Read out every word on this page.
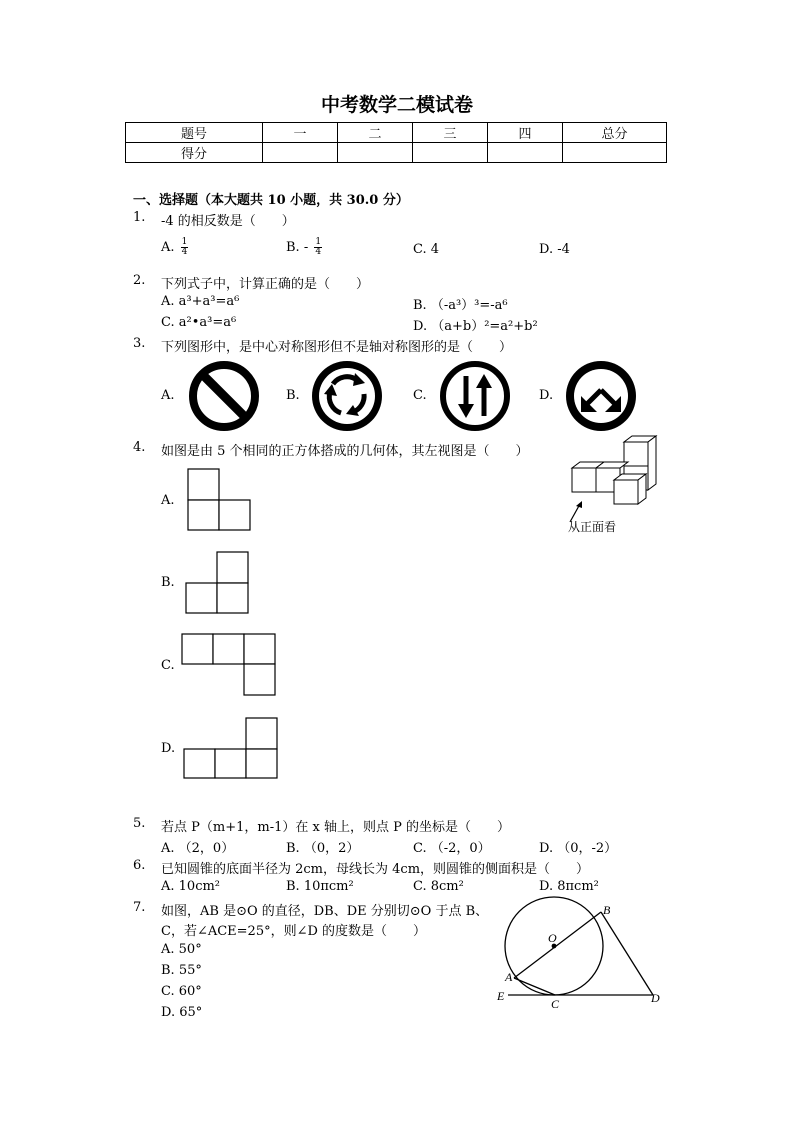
中考数学二模试卷
题号	一	二	三	四	总分
得分					
一、选择题（本大题共 10 小题，共 30.0 分）
1. -4 的相反数是（　　）
A. $\frac{1}{4}$	B. - $\frac{1}{4}$	C. 4	D. -4
2. 下列式子中，计算正确的是（　　）
A. a³+a³=a⁶	B. （-a³）³=-a⁶
C. a²•a³=a⁶	D. （a+b）²=a²+b²
3. 下列图形中，是中心对称图形但不是轴对称图形的是（　　）
A.	B.	C.	D.
4. 如图是由 5 个相同的正方体搭成的几何体，其左视图是（　　）
从正面看
A.
B.
C.
D.
5. 若点 P（m+1，m-1）在 x 轴上，则点 P 的坐标是（　　）
A. （2，0）	B. （0，2）	C. （-2，0）	D. （0，-2）
6. 已知圆锥的底面半径为 2cm，母线长为 4cm，则圆锥的侧面积是（　　）
A. 10cm²	B. 10πcm²	C. 8cm²	D. 8πcm²
7. 如图，AB 是⊙O 的直径，DB、DE 分别切⊙O 于点 B、
C，若∠ACE=25°，则∠D 的度数是（　　）
A. 50°
B. 55°
C. 60°
D. 65°
O
B
A
E
C	D
